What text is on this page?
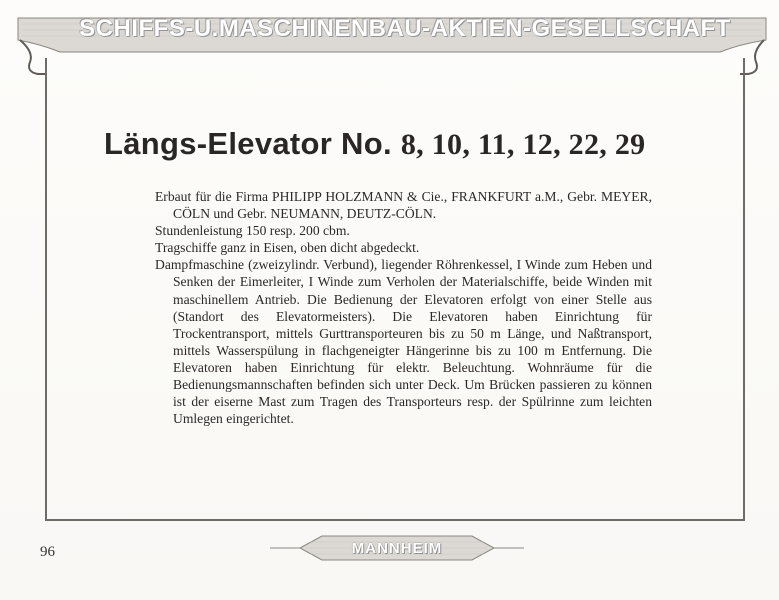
SCHIFFS-U.MASCHINENBAU-AKTIEN-GESELLSCHAFT
Längs-Elevator No. 8, 10, 11, 12, 22, 29

Erbaut für die Firma PHILIPP HOLZMANN & Cie., FRANKFURT a.M., Gebr. MEYER, CÖLN und Gebr. NEUMANN, DEUTZ-CÖLN.

Stundenleistung 150 resp. 200 cbm.

Tragschiffe ganz in Eisen, oben dicht abgedeckt.

Dampfmaschine (zweizylindr. Verbund), liegender Röhrenkessel, I Winde zum Heben und Senken der Eimerleiter, I Winde zum Verholen der Materialschiffe, beide Winden mit maschinellem Antrieb. Die Bedienung der Elevatoren erfolgt von einer Stelle aus (Standort des Elevatormeisters). Die Elevatoren haben Einrichtung für Trockentransport, mittels Gurttransporteuren bis zu 50 m Länge, und Naßtransport, mittels Wasserspülung in flachgeneigter Hängerinne bis zu 100 m Entfernung. Die Elevatoren haben Einrichtung für elektr. Beleuchtung. Wohnräume für die Bedienungsmannschaften befinden sich unter Deck. Um Brücken passieren zu können ist der eiserne Mast zum Tragen des Transporteurs resp. der Spülrinne zum leichten Umlegen eingerichtet.

MANNHEIM
96
